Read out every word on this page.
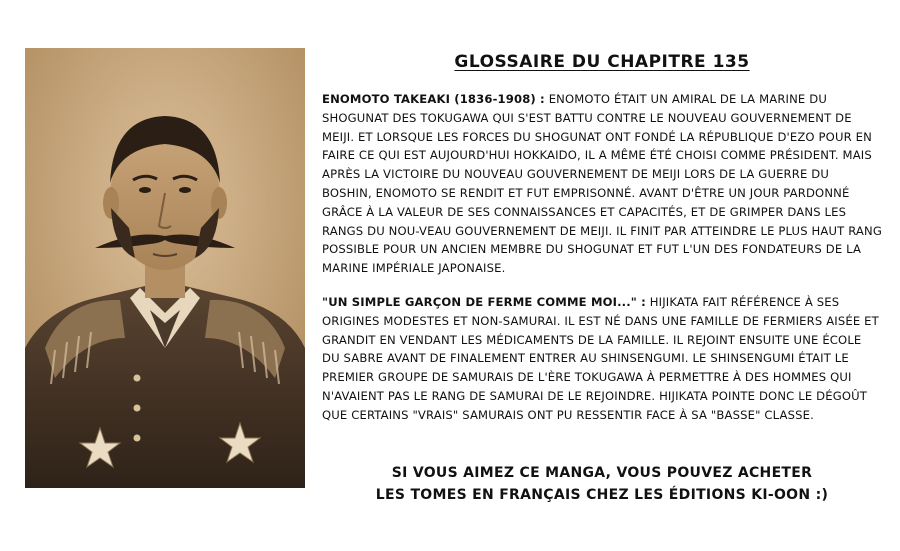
GLOSSAIRE DU CHAPITRE 135

ENOMOTO TAKEAKI (1836-1908) : ENOMOTO ÉTAIT UN AMIRAL DE LA MARINE DU SHOGUNAT DES TOKUGAWA QUI S'EST BATTU CONTRE LE NOUVEAU GOUVERNEMENT DE MEIJI. ET LORSQUE LES FORCES DU SHOGUNAT ONT FONDÉ LA RÉPUBLIQUE D'EZO POUR EN FAIRE CE QUI EST AUJOURD'HUI HOKKAIDO, IL A MÊME ÉTÉ CHOISI COMME PRÉSIDENT. MAIS APRÈS LA VICTOIRE DU NOUVEAU GOUVERNEMENT DE MEIJI LORS DE LA GUERRE DU BOSHIN, ENOMOTO SE RENDIT ET FUT EMPRISONNÉ. AVANT D'ÊTRE UN JOUR PARDONNÉ GRÂCE À LA VALEUR DE SES CONNAISSANCES ET CAPACITÉS, ET DE GRIMPER DANS LES RANGS DU NOU-VEAU GOUVERNEMENT DE MEIJI. IL FINIT PAR ATTEINDRE LE PLUS HAUT RANG POSSIBLE POUR UN ANCIEN MEMBRE DU SHOGUNAT ET FUT L'UN DES FONDATEURS DE LA MARINE IMPÉRIALE JAPONAISE.

"UN SIMPLE GARÇON DE FERME COMME MOI..." : HIJIKATA FAIT RÉFÉRENCE À SES ORIGINES MODESTES ET NON-SAMURAI. IL EST NÉ DANS UNE FAMILLE DE FERMIERS AISÉE ET GRANDIT EN VENDANT LES MÉDICAMENTS DE LA FAMILLE. IL REJOINT ENSUITE UNE ÉCOLE DU SABRE AVANT DE FINALEMENT ENTRER AU SHINSENGUMI. LE SHINSENGUMI ÉTAIT LE PREMIER GROUPE DE SAMURAIS DE L'ÈRE TOKUGAWA À PERMETTRE À DES HOMMES QUI N'AVAIENT PAS LE RANG DE SAMURAI DE LE REJOINDRE. HIJIKATA POINTE DONC LE DÉGOÛT QUE CERTAINS "VRAIS" SAMURAIS ONT PU RESSENTIR FACE À SA "BASSE" CLASSE.

SI VOUS AIMEZ CE MANGA, VOUS POUVEZ ACHETER
LES TOMES EN FRANÇAIS CHEZ LES ÉDITIONS KI-OON :)
